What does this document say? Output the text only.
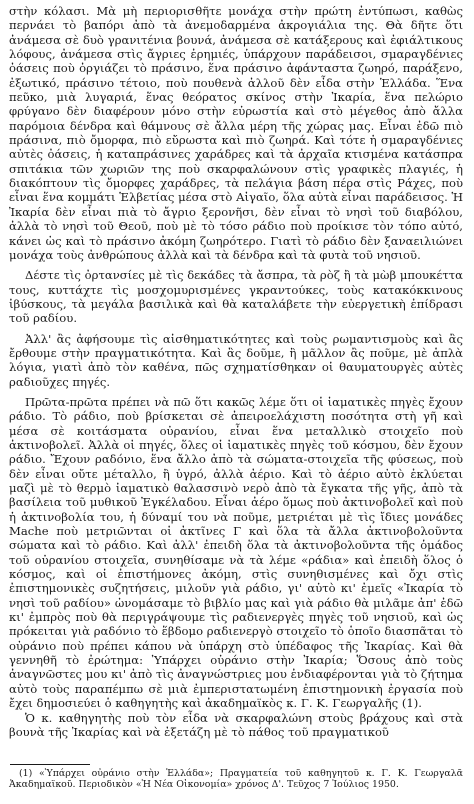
στὴν κόλασι. Μὰ μὴ περιορισθῆτε μονάχα στὴν πρώτη ἐντύπωσι, καθὼς περνάει τὸ βαπόρι ἀπὸ τὰ ἀνεμοδαρμένα ἀκρογιάλια της. Θὰ δῆτε ὅτι ἀνάμεσα σὲ δυὸ γρανιτένια βουνά, ἀνάμεσα σὲ κατάξερους καὶ ἐφιάλτικους λόφους, ἀνάμεσα στὶς ἄγριες ἐρημιές, ὑπάρχουν παράδεισοι, σμαραγδένιες ὀάσεις ποὺ ὀργιάζει τὸ πράσινο, ἕνα πράσινο ἀφάνταστα ζωηρό, παράξενο, ἐξωτικό, πράσινο τέτοιο, ποὺ πουθενὰ ἀλλοῦ δὲν εἶδα στὴν Ἑλλάδα. Ἕνα πεῦκο, μιὰ λυγαριά, ἕνας θεόρατος σκίνος στὴν Ἰκαρία, ἕνα πελώριο φρύγανο δὲν διαφέρουν μόνο στὴν εὐρωστία καὶ στὸ μέγεθος ἀπὸ ἄλλα παρόμοια δένδρα καὶ θάμνους σὲ ἄλλα μέρη τῆς χώρας μας. Εἶναι ἐδῶ πιὸ πράσινα, πιὸ ὄμορφα, πιὸ εὔρωστα καὶ πιὸ ζωηρά. Καὶ τότε ἡ σμαραγδένιες αὐτὲς ὀάσεις, ἡ καταπράσινες χαράδρες καὶ τὰ ἀρχαῖα κτισμένα κατάσπρα σπιτάκια τῶν χωριῶν της ποὺ σκαρφαλώνουν στὶς γραφικὲς πλαγιές, ἡ διακόπτουν τὶς ὄμορφες χαράδρες, τὰ πελάγια βάση πέρα στὶς Ράχες, ποὺ εἶναι ἕνα κομμάτι Ἑλβετίας μέσα στὸ Αἰγαῖο, ὅλα αὐτὰ εἶναι παράδεισος. Ἡ Ἰκαρία δὲν εἶναι πιὰ τὸ ἄγριο ξερονῆσι, δὲν εἶναι τὸ νησὶ τοῦ διαβόλου, ἀλλὰ τὸ νησὶ τοῦ Θεοῦ, ποὺ μὲ τὸ τόσο ράδιο ποὺ προίκισε τὸν τόπο αὐτό, κάνει ὡς καὶ τὸ πράσινο ἀκόμη ζωηρότερο. Γιατὶ τὸ ράδιο δὲν ξαναειλιώνει μονάχα τοὺς ἀνθρώπους ἀλλὰ καὶ τὰ δένδρα καὶ τὰ φυτὰ τοῦ νησιοῦ.

Δέστε τὶς ὀρτανσίες μὲ τὶς δεκάδες τὰ ἄσπρα, τὰ ρὸζ ἢ τὰ μὼβ μπουκέττα τους, κυττάχτε τὶς μοσχομυρισμένες γκραντούκες, τοὺς κατακόκκινους ἰβύσκους, τὰ μεγάλα βασιλικὰ καὶ θὰ καταλάβετε τὴν εὐεργετικὴ ἐπίδρασι τοῦ ραδίου.

Ἀλλ' ἂς ἀφήσουμε τὶς αἰσθηματικότητες καὶ τοὺς ρωμαντισμοὺς καὶ ἂς ἔρθουμε στὴν πραγματικότητα. Καὶ ἂς δοῦμε, ἢ μᾶλλον ἂς ποῦμε, μὲ ἁπλὰ λόγια, γιατὶ ἀπὸ τὸν καθένα, πῶς σχηματίσθηκαν οἱ θαυματουργὲς αὐτὲς ραδιοῦχες πηγές.

Πρῶτα-πρῶτα πρέπει νὰ πῶ ὅτι κακῶς λέμε ὅτι οἱ ἰαματικὲς πηγὲς ἔχουν ράδιο. Τὸ ράδιο, ποὺ βρίσκεται σὲ ἀπειροελάχιστη ποσότητα στὴ γῆ καὶ μέσα σὲ κοιτάσματα οὐρανίου, εἶναι ἕνα μεταλλικὸ στοιχεῖο ποὺ ἀκτινοβολεῖ. Ἀλλὰ οἱ πηγές, ὅλες οἱ ἰαματικὲς πηγὲς τοῦ κόσμου, δὲν ἔχουν ράδιο. Ἔχουν ραδόνιο, ἕνα ἄλλο ἀπὸ τὰ σώματα-στοιχεῖα τῆς φύσεως, ποὺ δὲν εἶναι οὔτε μέταλλο, ἢ ὑγρό, ἀλλὰ ἀέριο. Καὶ τὸ ἀέριο αὐτὸ ἐκλύεται μαζὶ μὲ τὸ θερμὸ ἰαματικὸ θαλασσινὸ νερὸ ἀπὸ τὰ ἔγκατα τῆς γῆς, ἀπὸ τὰ βασίλεια τοῦ μυθικοῦ Ἐγκέλαδου. Εἶναι ἀέρο ὅμως ποὺ ἀκτινοβολεῖ καὶ ποὺ ἡ ἀκτινοβολία του, ἡ δύναμί του νὰ ποῦμε, μετριέται μὲ τὶς ἴδιες μονάδες Mache ποὺ μετριῶνται οἱ ἀκτῖνες Γ καὶ ὅλα τὰ ἄλλα ἀκτινοβολοῦντα σώματα καὶ τὸ ράδιο. Καὶ ἀλλ' ἐπειδὴ ὅλα τὰ ἀκτινοβολοῦντα τῆς ὁμάδος τοῦ οὐρανίου στοιχεῖα, συνηθίσαμε νὰ τὰ λέμε «ράδια» καὶ ἐπειδὴ ὅλος ὁ κόσμος, καὶ οἱ ἐπιστήμονες ἀκόμη, στὶς συνηθισμένες καὶ ὄχι στὶς ἐπιστημονικὲς συζητήσεις, μιλοῦν γιὰ ράδιο, γι' αὐτὸ κι' ἐμεῖς «Ἰκαρία τὸ νησὶ τοῦ ραδίου» ὠνομάσαμε τὸ βιβλίο μας καὶ γιὰ ράδιο θὰ μιλᾶμε ἀπ' ἐδῶ κι' ἐμπρὸς ποὺ θὰ περιγράψουμε τὶς ραδιενεργὲς πηγὲς τοῦ νησιοῦ, καὶ ὡς πρόκειται γιὰ ραδόνιο τὸ ἕβδομο ραδιενεργὸ στοιχεῖο τὸ ὁποῖο διασπᾶται τὸ οὐράνιο ποὺ πρέπει κάπου νὰ ὑπάρχη στὸ ὑπέδαφος τῆς Ἰκαρίας. Καὶ θὰ γεννηθῆ τὸ ἐρώτημα: Ὑπάρχει οὐράνιο στὴν Ἰκαρία; Ὅσους ἀπὸ τοὺς ἀναγνῶστες μου κι' ἀπὸ τὶς ἀναγνώστριες μου ἐνδιαφέρονται γιὰ τὸ ζήτημα αὐτὸ τοὺς παραπέμπω σὲ μιὰ ἐμπεριστατωμένη ἐπιστημονικὴ ἐργασία ποὺ ἔχει δημοσιεύει ὁ καθηγητὴς καὶ ἀκαδημαϊκὸς κ. Γ. Κ. Γεωργαλῆς (1).

Ὁ κ. καθηγητὴς ποὺ τὸν εἶδα νὰ σκαρφαλώνη στοὺς βράχους καὶ στὰ βουνὰ τῆς Ἰκαρίας καὶ νὰ ἐξετάζη μὲ τὸ πάθος τοῦ πραγματικοῦ

(1) «Ὑπάρχει οὐράνιο στὴν Ἑλλάδα»; Πραγματεία τοῦ καθηγητοῦ κ. Γ. Κ. Γεωργαλᾶ Ἀκαδημαϊκοῦ. Περιοδικὸν «Ἡ Νέα Οἰκονομία» χρόνος Δ'. Τεῦχος 7 Ἰούλιος 1950.
